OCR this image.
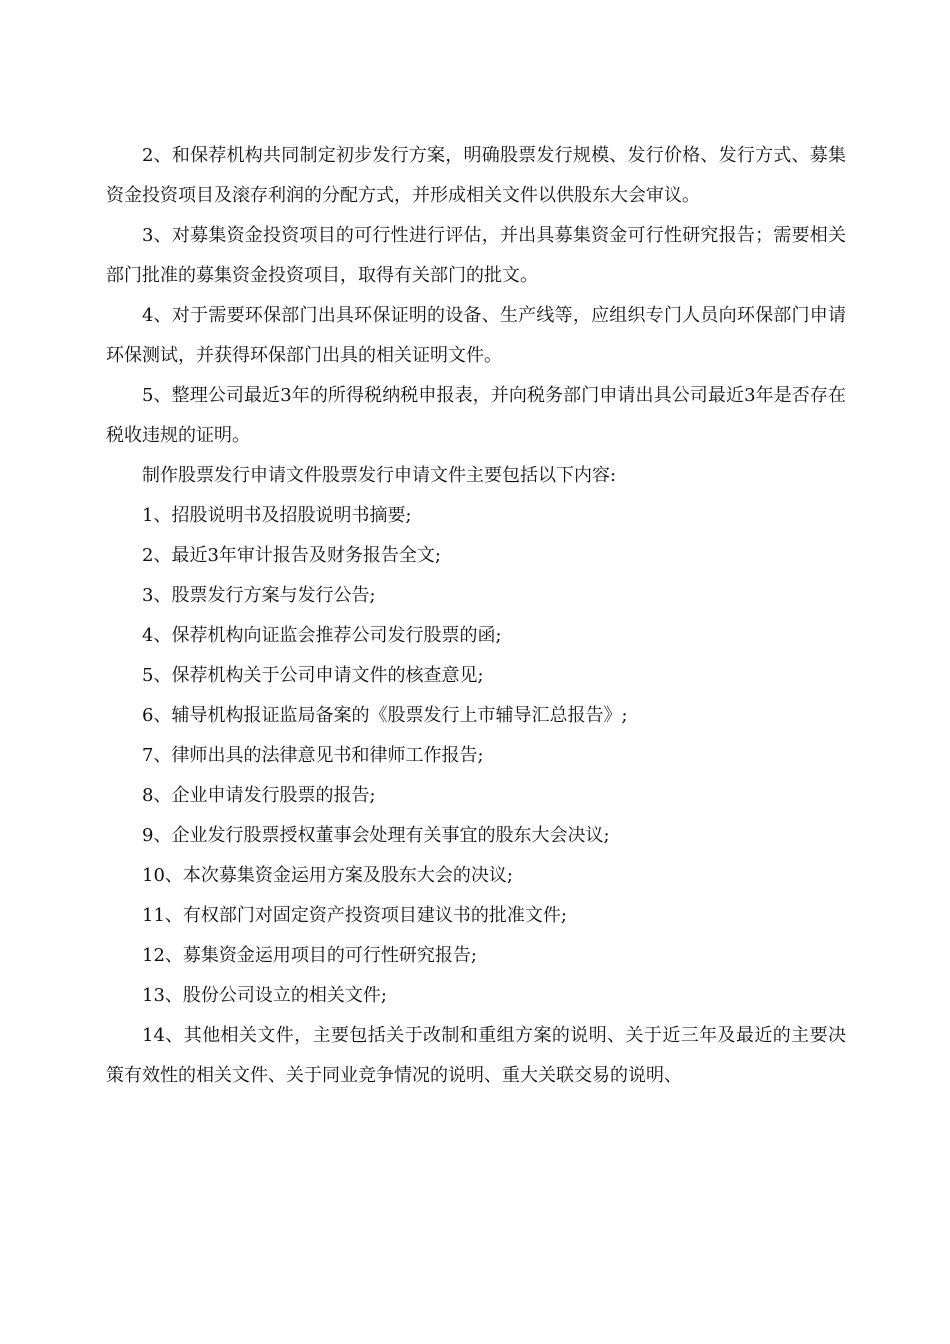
2、和保荐机构共同制定初步发行方案，明确股票发行规模、发行价格、发行方式、募集资金投资项目及滚存利润的分配方式，并形成相关文件以供股东大会审议。

3、对募集资金投资项目的可行性进行评估，并出具募集资金可行性研究报告；需要相关部门批准的募集资金投资项目，取得有关部门的批文。

4、对于需要环保部门出具环保证明的设备、生产线等，应组织专门人员向环保部门申请环保测试，并获得环保部门出具的相关证明文件。

5、整理公司最近3年的所得税纳税申报表，并向税务部门申请出具公司最近3年是否存在税收违规的证明。

制作股票发行申请文件股票发行申请文件主要包括以下内容:

1、招股说明书及招股说明书摘要;

2、最近3年审计报告及财务报告全文;

3、股票发行方案与发行公告;

4、保荐机构向证监会推荐公司发行股票的函;

5、保荐机构关于公司申请文件的核查意见;

6、辅导机构报证监局备案的《股票发行上市辅导汇总报告》;

7、律师出具的法律意见书和律师工作报告;

8、企业申请发行股票的报告;

9、企业发行股票授权董事会处理有关事宜的股东大会决议;

10、本次募集资金运用方案及股东大会的决议;

11、有权部门对固定资产投资项目建议书的批准文件;

12、募集资金运用项目的可行性研究报告;

13、股份公司设立的相关文件;

14、其他相关文件，主要包括关于改制和重组方案的说明、关于近三年及最近的主要决策有效性的相关文件、关于同业竞争情况的说明、重大关联交易的说明、
